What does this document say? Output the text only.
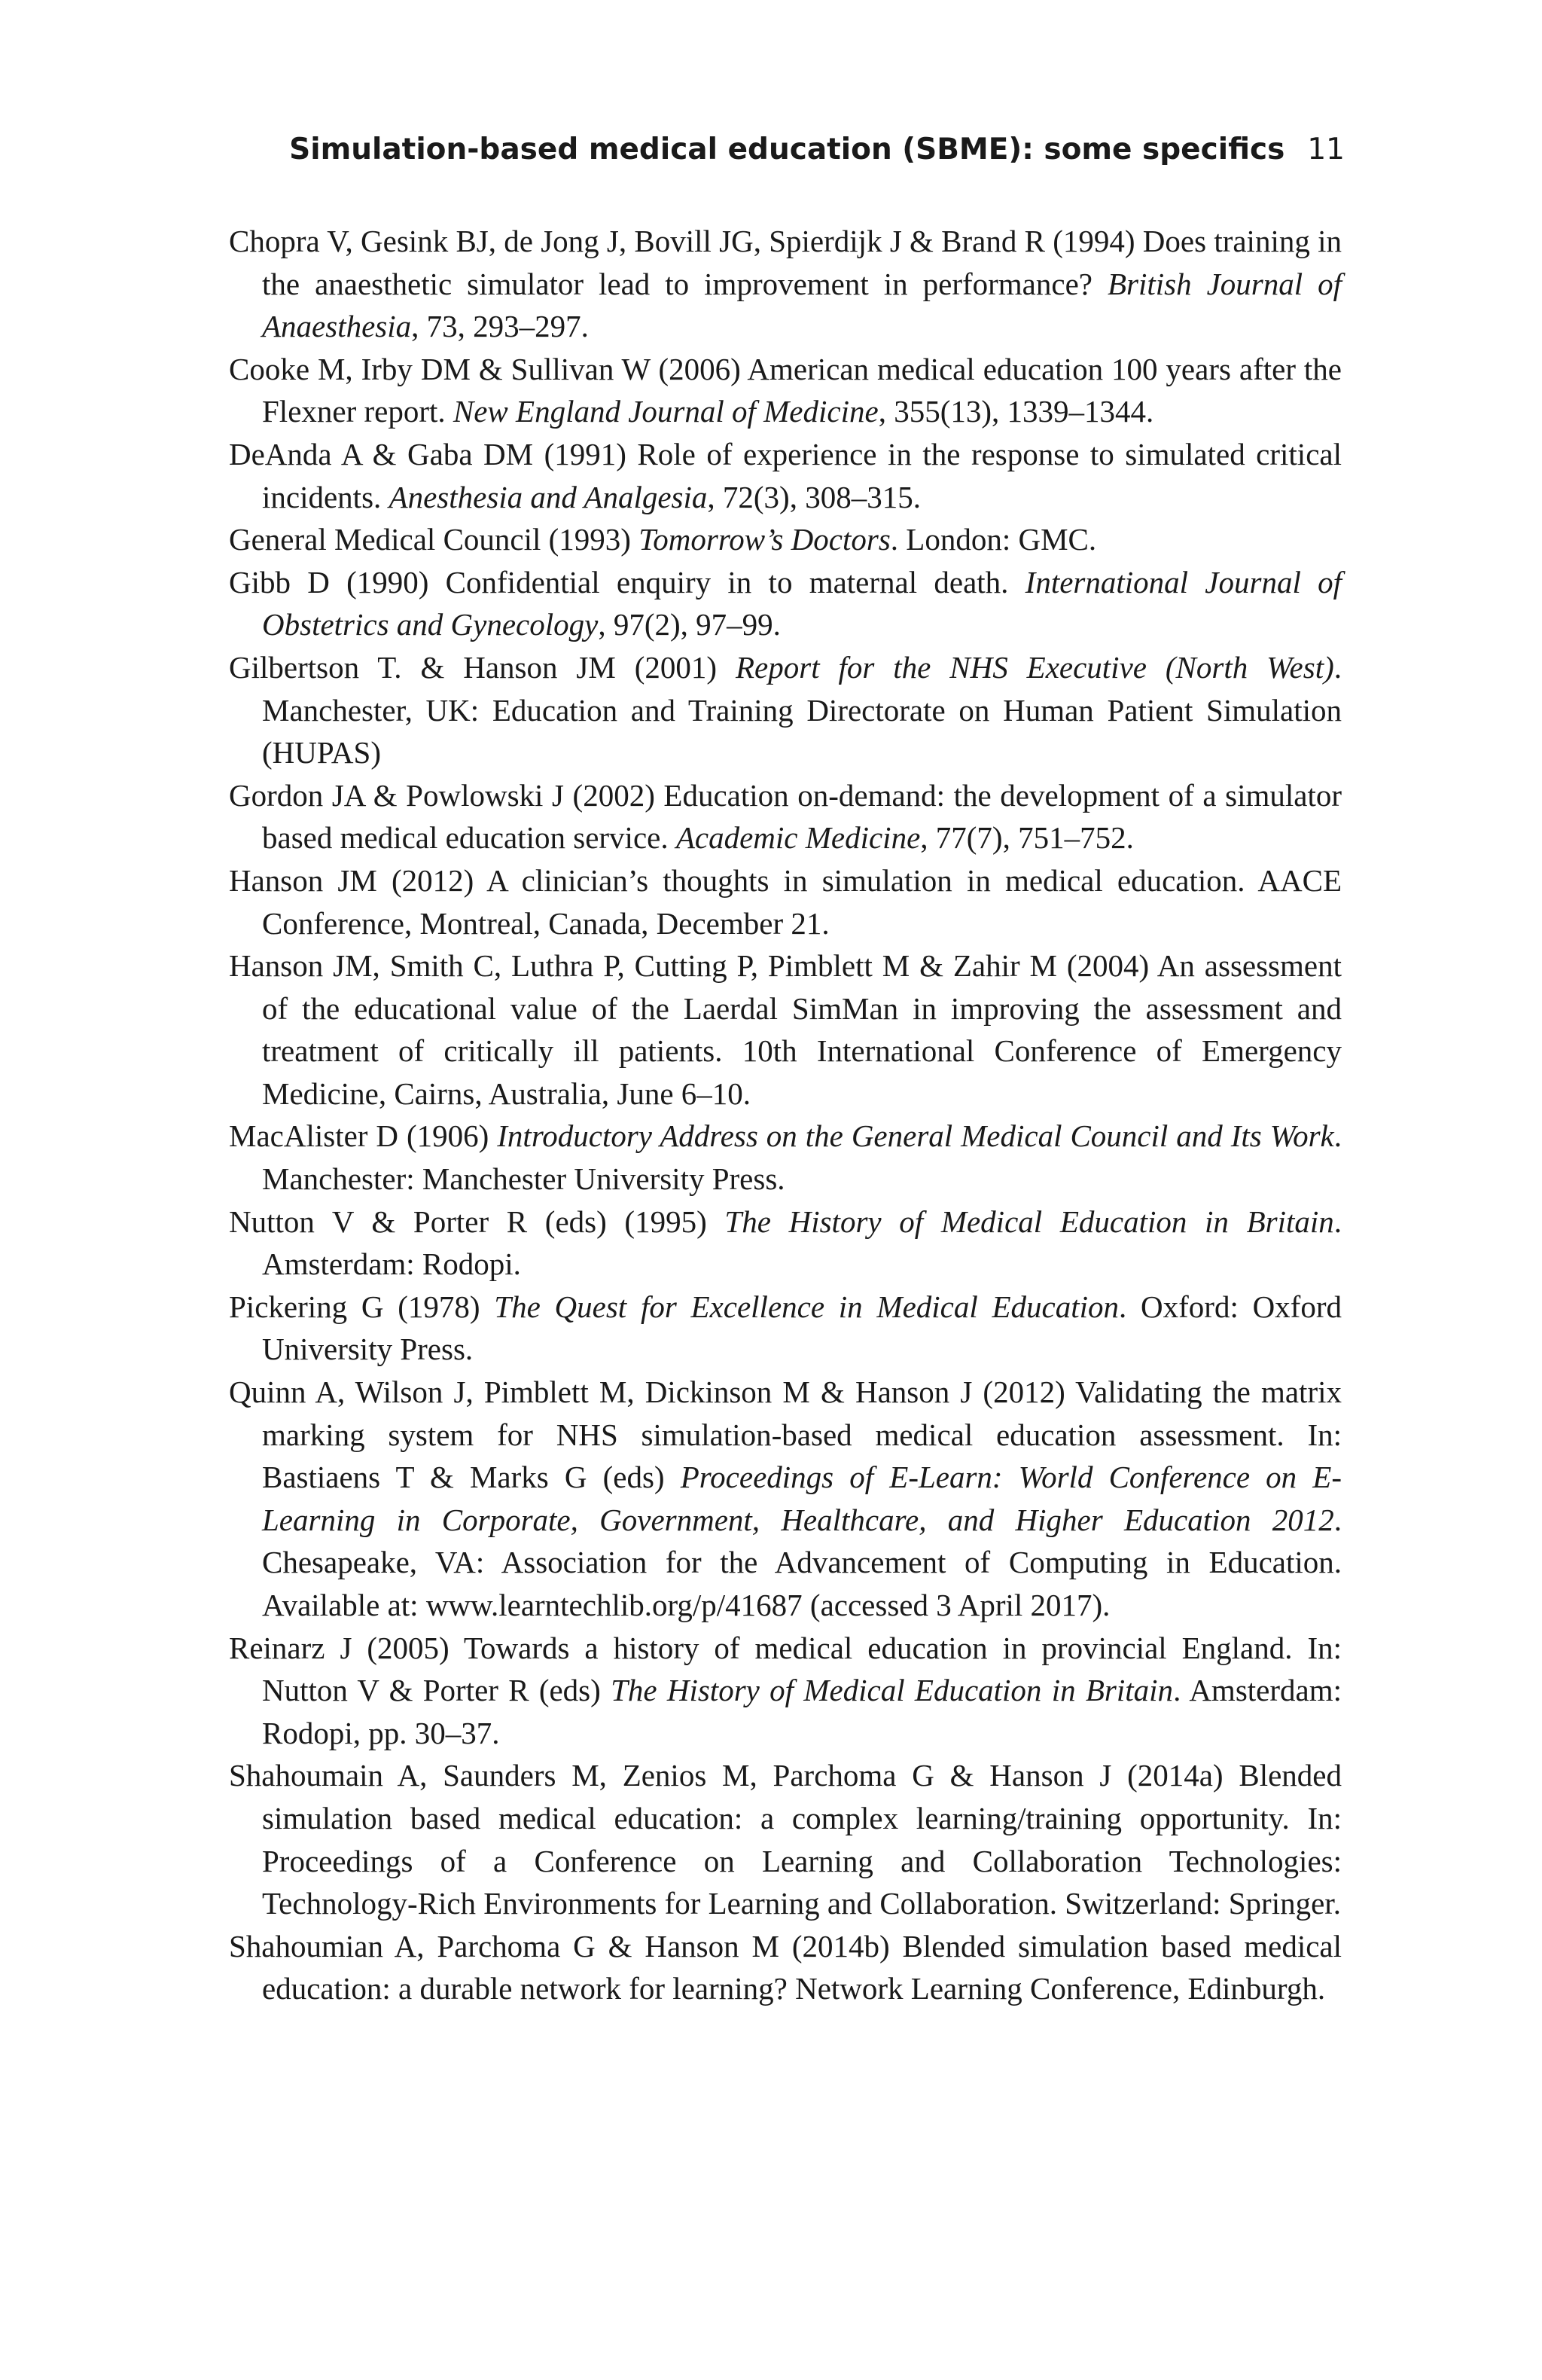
Simulation-based medical education (SBME): some specifics 11

Chopra V, Gesink BJ, de Jong J, Bovill JG, Spierdijk J & Brand R (1994) Does training in the anaesthetic simulator lead to improvement in performance? British Journal of Anaesthesia, 73, 293–297.

Cooke M, Irby DM & Sullivan W (2006) American medical education 100 years after the Flexner report. New England Journal of Medicine, 355(13), 1339–1344.

DeAnda A & Gaba DM (1991) Role of experience in the response to simulated critical incidents. Anesthesia and Analgesia, 72(3), 308–315.

General Medical Council (1993) Tomorrow’s Doctors. London: GMC.

Gibb D (1990) Confidential enquiry in to maternal death. International Journal of Obstetrics and Gynecology, 97(2), 97–99.

Gilbertson T. & Hanson JM (2001) Report for the NHS Executive (North West). Manchester, UK: Education and Training Directorate on Human Patient Simulation (HUPAS)

Gordon JA & Powlowski J (2002) Education on-demand: the development of a simulator based medical education service. Academic Medicine, 77(7), 751–752.

Hanson JM (2012) A clinician’s thoughts in simulation in medical education. AACE Conference, Montreal, Canada, December 21.

Hanson JM, Smith C, Luthra P, Cutting P, Pimblett M & Zahir M (2004) An assessment of the educational value of the Laerdal SimMan in improving the assessment and treatment of critically ill patients. 10th International Conference of Emergency Medicine, Cairns, Australia, June 6–10.

MacAlister D (1906) Introductory Address on the General Medical Council and Its Work. Manchester: Manchester University Press.

Nutton V & Porter R (eds) (1995) The History of Medical Education in Britain. Amsterdam: Rodopi.

Pickering G (1978) The Quest for Excellence in Medical Education. Oxford: Oxford University Press.

Quinn A, Wilson J, Pimblett M, Dickinson M & Hanson J (2012) Validating the matrix marking system for NHS simulation-based medical education assessment. In: Bastiaens T & Marks G (eds) Proceedings of E-Learn: World Conference on E-Learning in Corporate, Government, Healthcare, and Higher Education 2012. Chesapeake, VA: Association for the Advancement of Computing in Education. Available at: www.learntechlib.org/p/41687 (accessed 3 April 2017).

Reinarz J (2005) Towards a history of medical education in provincial England. In: Nutton V & Porter R (eds) The History of Medical Education in Britain. Amsterdam: Rodopi, pp. 30–37.

Shahoumain A, Saunders M, Zenios M, Parchoma G & Hanson J (2014a) Blended simulation based medical education: a complex learning/training opportunity. In: Proceedings of a Conference on Learning and Collaboration Technologies: Technology-Rich Environments for Learning and Collaboration. Switzerland: Springer.

Shahoumian A, Parchoma G & Hanson M (2014b) Blended simulation based medical education: a durable network for learning? Network Learning Conference, Edinburgh.
